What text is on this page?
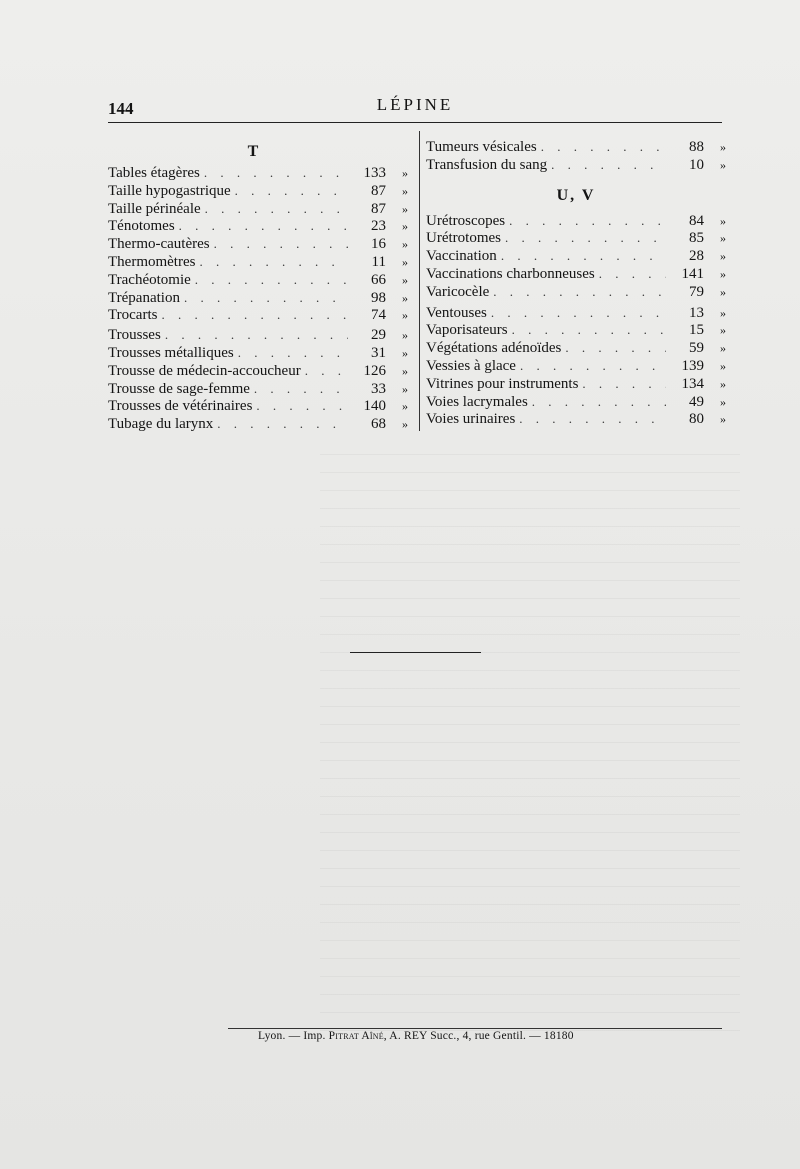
144	LÉPINE
T
Tables étagères . . .	133	»
Taille hypogastrique . . .	87	»
Taille périnéale . . .	87	»
Ténotomes . . .	23	»
Thermo-cautères . . .	16	»
Thermomètres . . .	11	»
Trachéotomie . . .	66	»
Trépanation . . .	98	»
Trocarts . . .	74	»
Trousses . . .	29	»
Trousses métalliques . . .	31	»
Trousse de médecin-accoucheur . . .	126	»
Trousse de sage-femme . . .	33	»
Trousses de vétérinaires . . .	140	»
Tubage du larynx . . .	68	»
Tumeurs vésicales . . .	88	»
Transfusion du sang . . .	10	»
U, V
Urétroscopes . . .	84	»
Urétrotomes . . .	85	»
Vaccination . . .	28	»
Vaccinations charbonneuses . . .	141	»
Varicocèle . . .	79	»
Ventouses . . .	13	»
Vaporisateurs . . .	15	»
Végétations adénoïdes . . .	59	»
Vessies à glace . . .	139	»
Vitrines pour instruments . . .	134	»
Voies lacrymales . . .	49	»
Voies urinaires . . .	80	»
Lyon. — Imp. Pitrat Aîné, A. REY Succ., 4, rue Gentil. — 18180
